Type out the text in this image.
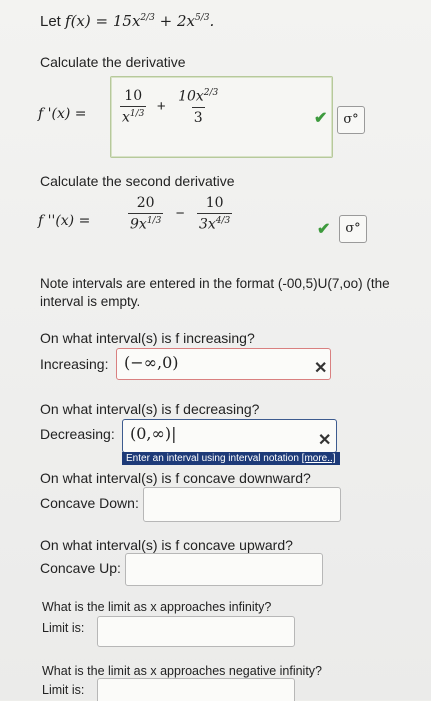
Let $f(x) = 15x^{2/3} + 2x^{5/3}$.
Calculate the derivative
f '$(x) = \frac{10}{x^{1/3}} + \frac{10x^{2/3}}{3}$	✔	σ°
Calculate the second derivative
f ''(x) =	$\frac{20}{9x^{1/3}} - \frac{10}{3x^{4/3}}$	✔	σ°
Note intervals are entered in the format (-00,5)U(7,oo) (the
interval is empty.
On what interval(s) is f increasing?
Increasing: (−∞,0)	✕
On what interval(s) is f decreasing?
Decreasing: (0,∞)|	✕
Enter an interval using interval notation [more..]
On what interval(s) is f concave downward?
Concave Down:
On what interval(s) is f concave upward?
Concave Up:
What is the limit as x approaches infinity?
Limit is:
What is the limit as x approaches negative infinity?
Limit is:
